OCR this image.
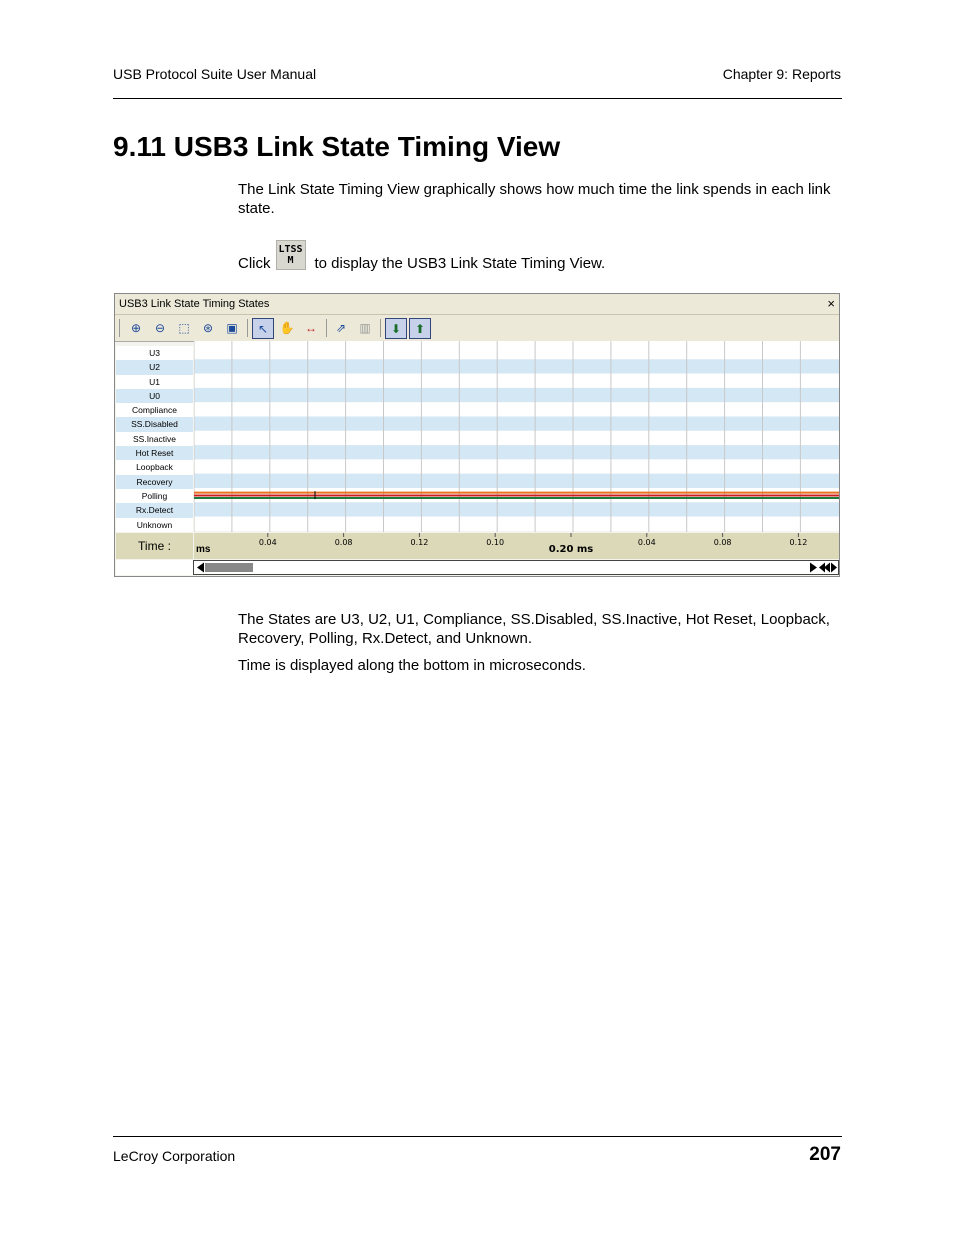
USB Protocol Suite User Manual	Chapter 9: Reports
9.11 USB3 Link State Timing View
The Link State Timing View graphically shows how much time the link spends in each link state.
Click
LTSS
M	to display the USB3 Link State Timing View.
USB3 Link State Timing States	×
⊕	⊖	⬚	⊛	▣	↖ ✋ ↔	⇗	▥	⬇	⬆
U3
U2
U1
U0
Compliance
SS.Disabled
SS.Inactive
Hot Reset
Loopback
Recovery
Polling
Rx.Detect
Unknown
Time :	ms
0.04	0.08	0.12	0.10
0.20 ms
0.04	0.08	0.12
The States are U3, U2, U1, Compliance, SS.Disabled, SS.Inactive, Hot Reset, Loopback, Recovery, Polling, Rx.Detect, and Unknown.
Time is displayed along the bottom in microseconds.
LeCroy Corporation	207
